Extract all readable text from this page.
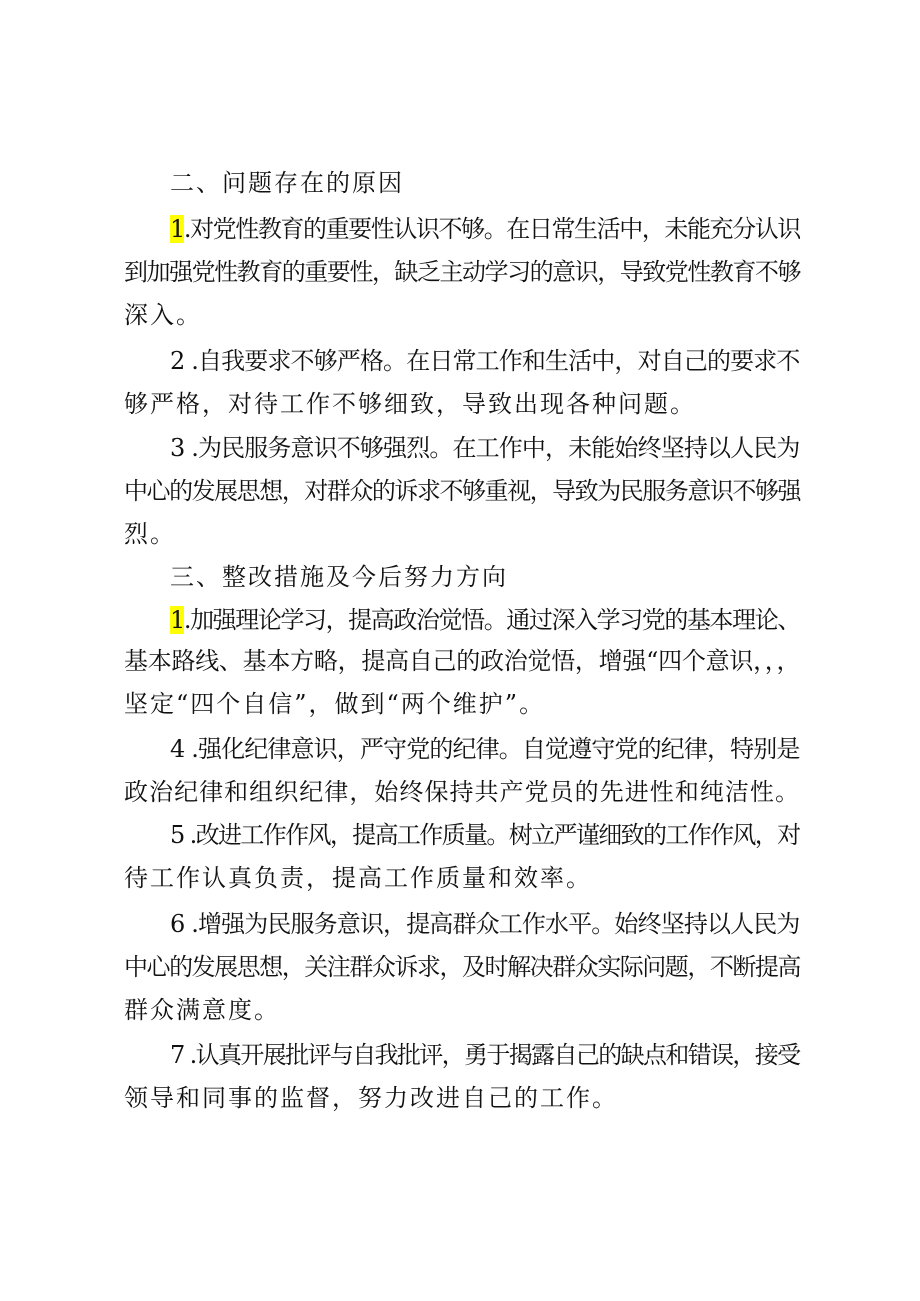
二、问题存在的原因
1.对党性教育的重要性认识不够。在日常生活中，未能充分认识
到加强党性教育的重要性，缺乏主动学习的意识，导致党性教育不够
深入。
2 .自我要求不够严格。在日常工作和生活中，对自己的要求不
够严格，对待工作不够细致，导致出现各种问题。
3 .为民服务意识不够强烈。在工作中，未能始终坚持以人民为
中心的发展思想，对群众的诉求不够重视，导致为民服务意识不够强
烈。
三、整改措施及今后努力方向
1.加强理论学习，提高政治觉悟。通过深入学习党的基本理论、
基本路线、基本方略，提高自己的政治觉悟，增强“四个意识，，，
坚定“四个自信”，做到“两个维护”。
4 .强化纪律意识，严守党的纪律。自觉遵守党的纪律，特别是
政治纪律和组织纪律，始终保持共产党员的先进性和纯洁性。
5 .改进工作作风，提高工作质量。树立严谨细致的工作作风，对
待工作认真负责，提高工作质量和效率。
6 .增强为民服务意识，提高群众工作水平。始终坚持以人民为
中心的发展思想，关注群众诉求，及时解决群众实际问题，不断提高
群众满意度。
7 .认真开展批评与自我批评，勇于揭露自己的缺点和错误，接受
领导和同事的监督，努力改进自己的工作。
